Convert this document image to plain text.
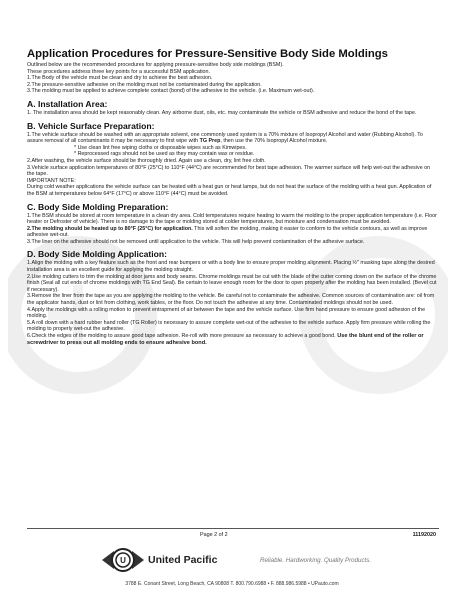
Application Procedures for Pressure-Sensitive Body Side Moldings

Outlined below are the recommended procedures for applying pressure-sensitive body side moldings (BSM).

These procedures address three key points for a successful BSM application.

1.The Body of the vehicle must be clean and dry to achieve the best adhesion.

2.The pressure-sensitive adhesive on the molding must not be contaminated during the application.

3.The molding must be applied to achieve complete contact (bond) of the adhesive to the vehicle. (i.e. Maximum wet-out).

A. Installation Area:

1. The installation area should be kept reasonably clean. Any airborne dust, oils, etc. may contaminate the vehicle or BSM adhesive and reduce the bond of the tape.

B. Vehicle Surface Preparation:

1.The vehicle surface should be washed with an appropriate solvent, one commonly used system is a 70% mixture of Isopropyl Alcohol and water (Rubbing Alcohol). To assure removal of all contaminants it may be necessary to first wipe with TG Prep, then use the 70% Isopropyl Alcohol mixture.

* Use clean lint free wiping cloths or disposable wipes such as Kimwipes.

* Reprocessed rags should not be used as they may contain wax or residue.

2.After washing, the vehicle surface should be thoroughly dried. Again use a clean, dry, lint free cloth.

3.Vehicle surface application temperatures of 80°F (25°C) to 110°F (44°C) are recommended for best tape adhesion. The warmer surface will help wet-out the adhesive on the tape.

IMPORTANT NOTE:

During cold weather applications the vehicle surface can be heated with a heat gun or heat lamps, but do not heat the surface of the molding with a heat gun. Application of the BSM at temperatures below 64°F (17°C) or above 110°F (44°C) must be avoided.

C. Body Side Molding Preparation:

1.The BSM should be stored at room temperature in a clean dry area. Cold temperatures require heating to warm the molding to the proper application temperature (i.e. Floor heater or Defroster of vehicle). There is no damage to the tape or molding stored at colder temperatures, but moisture and condensation must be avoided.

2.The molding should be heated up to 80°F (25°C) for application. This will soften the molding, making it easier to conform to the vehicle contours, as well as improve adhesive wet-out.

3.The liner on the adhesive should not be removed until application to the vehicle. This will help prevent contamination of the adhesive surface.

D. Body Side Molding Application:

1.Align the molding with a key feature such as the front and rear bumpers or with a body line to ensure proper molding alignment. Placing ½" masking tape along the desired installation area is an excellent guide for applying the molding straight.

2.Use molding cutters to trim the molding at door jams and body seams. Chrome moldings must be cut with the blade of the cutter coming down on the surface of the chrome finish (Seal all cut ends of chrome moldings with TG End Seal). Be certain to leave enough room for the door to open properly after the molding has been installed. (Bevel cut if necessary).

3.Remove the liner from the tape as you are applying the molding to the vehicle. Be careful not to contaminate the adhesive. Common sources of contamination are: oil from the applicator hands, dust or lint from clothing, work tables, or the floor. Do not touch the adhesive at any time. Contaminated moldings should not be used.

4.Apply the moldings with a rolling motion to prevent entrapment of air between the tape and the vehicle surface. Use firm hand pressure to ensure good adhesion of the molding.

5.A roll down with a hard rubber hand roller (TG Roller) is necessary to assure complete wet-out of the adhesive to the vehicle surface. Apply firm pressure while rolling the molding to properly wet-out the adhesive.

6.Check the edges of the molding to assure good tape adhesion. Re-roll with more pressure as necessary to achieve a good bond. Use the blunt end of the roller or screwdriver to press out all molding ends to ensure adhesive bond.

Page 2 of 2	11192020
U United Pacific	Reliable. Hardworking. Quality Products.
3788 E. Conant Street, Long Beach, CA 90808 T. 800.790.6988 • F. 888.986.5988 • UPauto.com
